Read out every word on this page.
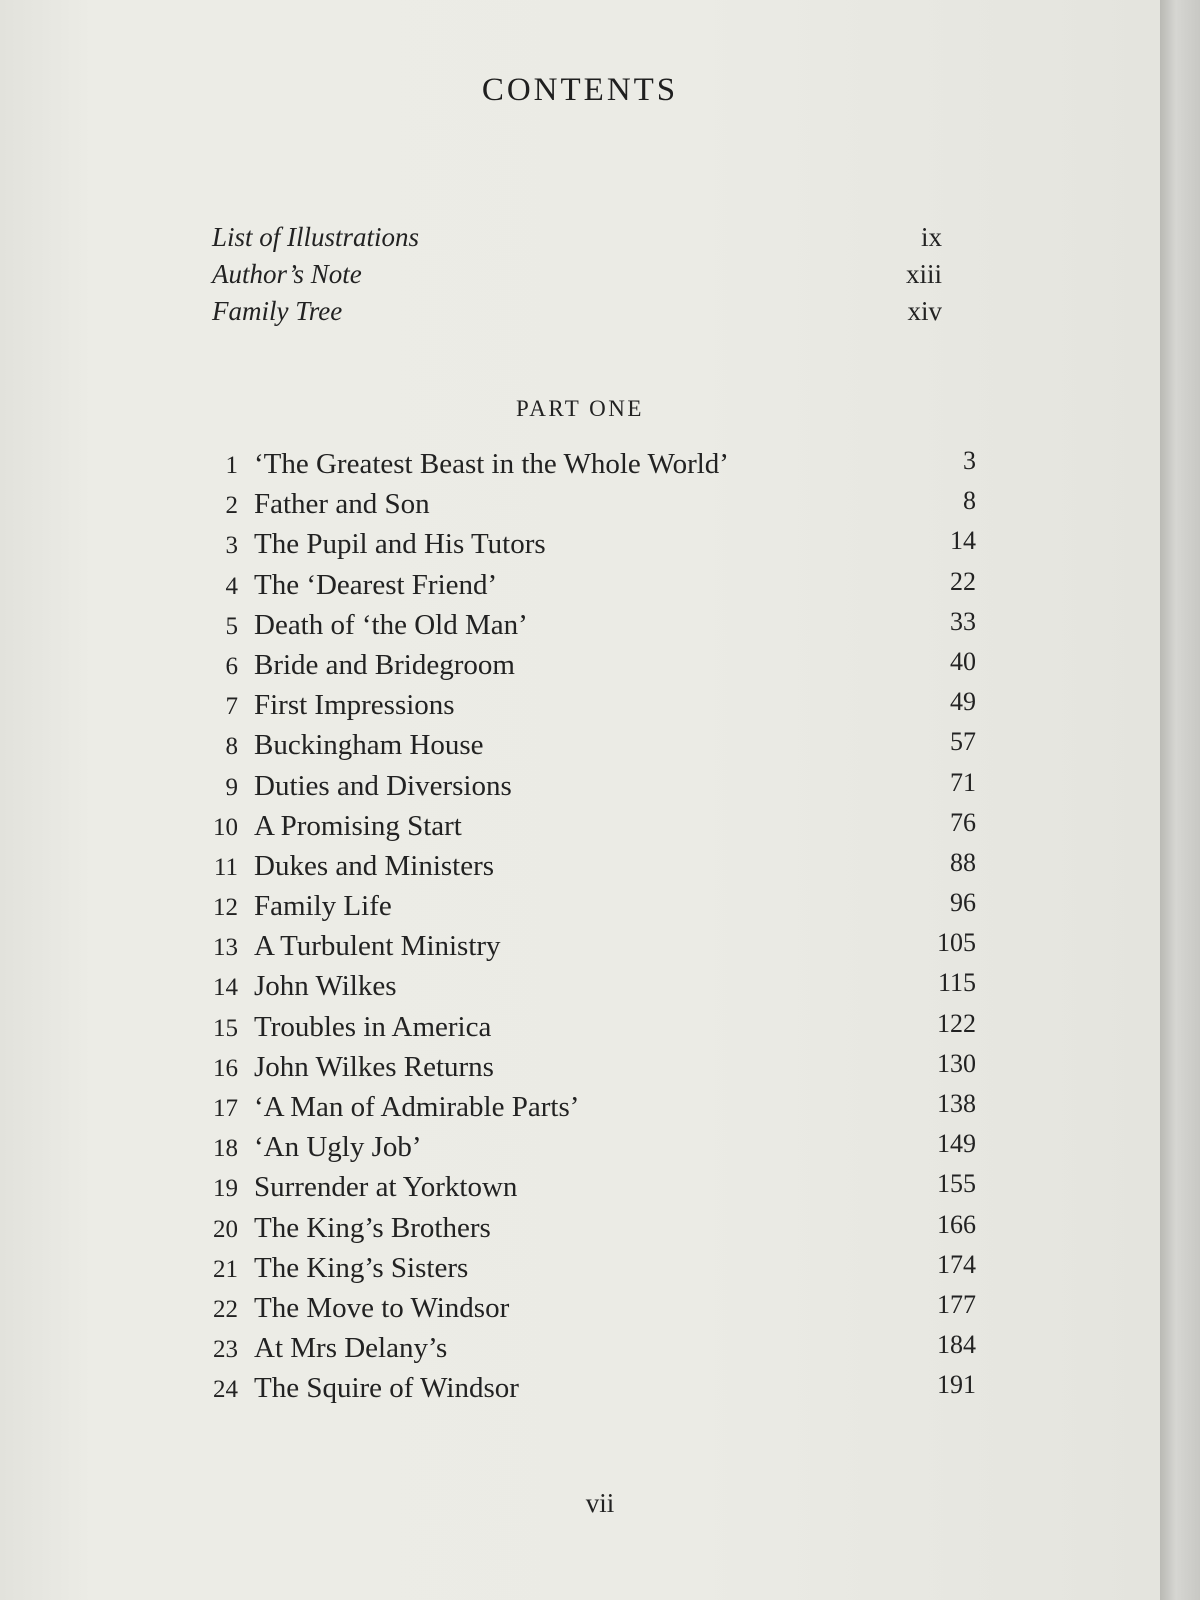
CONTENTS
List of Illustrations	ix
Author’s Note	xiii
Family Tree	xiv
PART ONE
1 ‘The Greatest Beast in the Whole World’	3
2 Father and Son	8
3 The Pupil and His Tutors	14
4 The ‘Dearest Friend’	22
5 Death of ‘the Old Man’	33
6 Bride and Bridegroom	40
7 First Impressions	49
8 Buckingham House	57
9 Duties and Diversions	71
10 A Promising Start	76
11 Dukes and Ministers	88
12 Family Life	96
13 A Turbulent Ministry	105
14 John Wilkes	115
15 Troubles in America	122
16 John Wilkes Returns	130
17 ‘A Man of Admirable Parts’	138
18 ‘An Ugly Job’	149
19 Surrender at Yorktown	155
20 The King’s Brothers	166
21 The King’s Sisters	174
22 The Move to Windsor	177
23 At Mrs Delany’s	184
24 The Squire of Windsor	191
vii
